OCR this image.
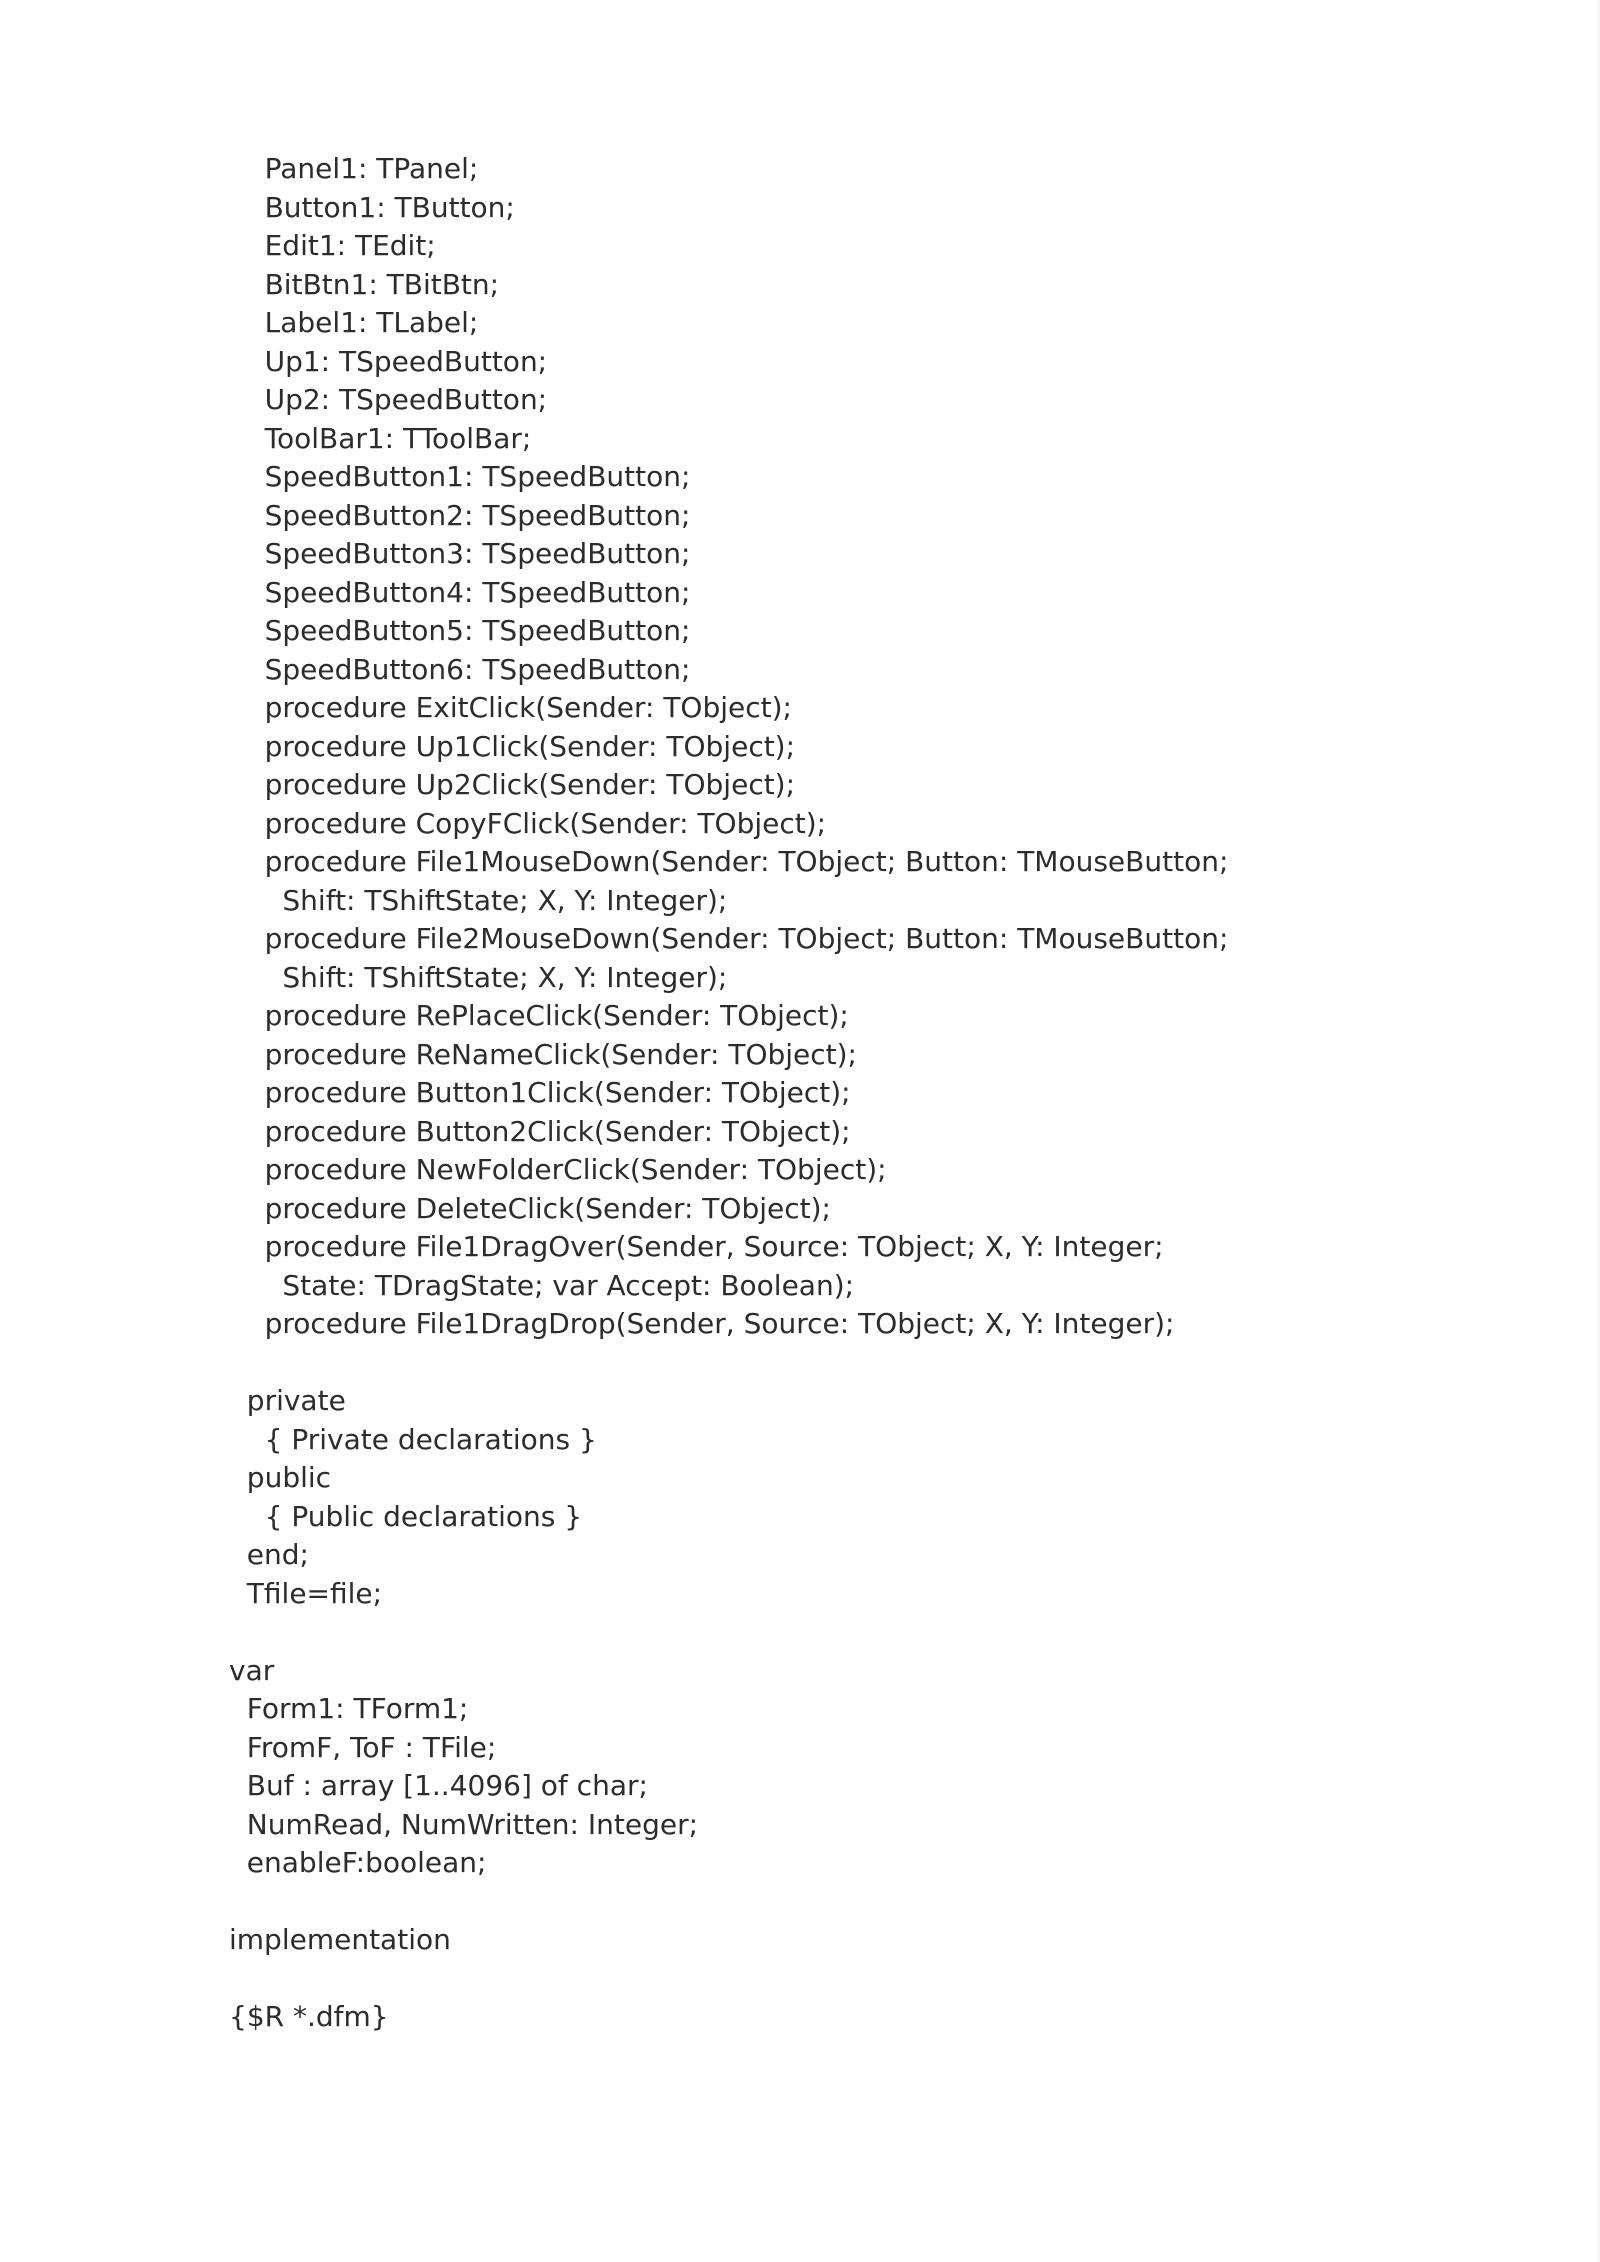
Panel1: TPanel;
Button1: TButton;
Edit1: TEdit;
BitBtn1: TBitBtn;
Label1: TLabel;
Up1: TSpeedButton;
Up2: TSpeedButton;
ToolBar1: TToolBar;
SpeedButton1: TSpeedButton;
SpeedButton2: TSpeedButton;
SpeedButton3: TSpeedButton;
SpeedButton4: TSpeedButton;
SpeedButton5: TSpeedButton;
SpeedButton6: TSpeedButton;
procedure ExitClick(Sender: TObject);
procedure Up1Click(Sender: TObject);
procedure Up2Click(Sender: TObject);
procedure CopyFClick(Sender: TObject);
procedure File1MouseDown(Sender: TObject; Button: TMouseButton;
Shift: TShiftState; X, Y: Integer);
procedure File2MouseDown(Sender: TObject; Button: TMouseButton;
Shift: TShiftState; X, Y: Integer);
procedure RePlaceClick(Sender: TObject);
procedure ReNameClick(Sender: TObject);
procedure Button1Click(Sender: TObject);
procedure Button2Click(Sender: TObject);
procedure NewFolderClick(Sender: TObject);
procedure DeleteClick(Sender: TObject);
procedure File1DragOver(Sender, Source: TObject; X, Y: Integer;
State: TDragState; var Accept: Boolean);
procedure File1DragDrop(Sender, Source: TObject; X, Y: Integer);
private
{ Private declarations }
public
{ Public declarations }
end;
Tfile=file;
var
Form1: TForm1;
FromF, ToF : TFile;
Buf : array [1..4096] of char;
NumRead, NumWritten: Integer;
enableF:boolean;
implementation
{$R *.dfm}
